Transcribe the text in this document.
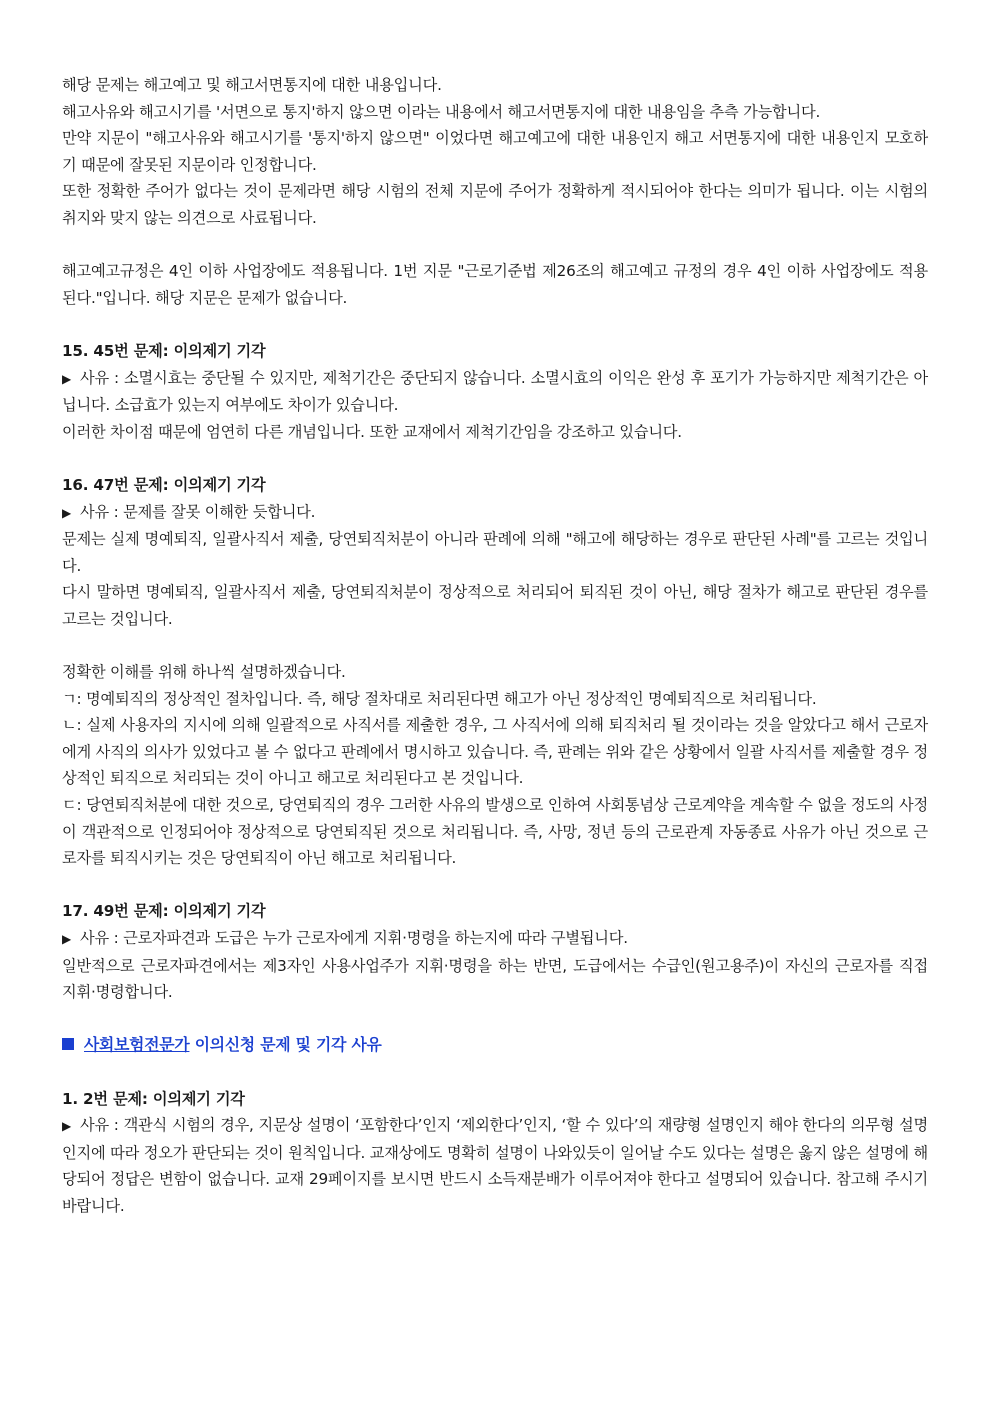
해당 문제는 해고예고 및 해고서면통지에 대한 내용입니다.

해고사유와 해고시기를 '서면으로 통지'하지 않으면 이라는 내용에서 해고서면통지에 대한 내용임을 추측 가능합니다.

만약 지문이 "해고사유와 해고시기를 '통지'하지 않으면" 이었다면 해고예고에 대한 내용인지 해고 서면통지에 대한 내용인지 모호하기 때문에 잘못된 지문이라 인정합니다.

또한 정확한 주어가 없다는 것이 문제라면 해당 시험의 전체 지문에 주어가 정확하게 적시되어야 한다는 의미가 됩니다. 이는 시험의 취지와 맞지 않는 의견으로 사료됩니다.

해고예고규정은 4인 이하 사업장에도 적용됩니다. 1번 지문 "근로기준법 제26조의 해고예고 규정의 경우 4인 이하 사업장에도 적용된다."입니다. 해당 지문은 문제가 없습니다.

15. 45번 문제: 이의제기 기각

▶ 사유 : 소멸시효는 중단될 수 있지만, 제척기간은 중단되지 않습니다. 소멸시효의 이익은 완성 후 포기가 가능하지만 제척기간은 아닙니다. 소급효가 있는지 여부에도 차이가 있습니다.

이러한 차이점 때문에 엄연히 다른 개념입니다. 또한 교재에서 제척기간임을 강조하고 있습니다.

16. 47번 문제: 이의제기 기각

▶ 사유 : 문제를 잘못 이해한 듯합니다.

문제는 실제 명예퇴직, 일괄사직서 제출, 당연퇴직처분이 아니라 판례에 의해 "해고에 해당하는 경우로 판단된 사례"를 고르는 것입니다.

다시 말하면 명예퇴직, 일괄사직서 제출, 당연퇴직처분이 정상적으로 처리되어 퇴직된 것이 아닌, 해당 절차가 해고로 판단된 경우를 고르는 것입니다.

정확한 이해를 위해 하나씩 설명하겠습니다.

ㄱ: 명예퇴직의 정상적인 절차입니다. 즉, 해당 절차대로 처리된다면 해고가 아닌 정상적인 명예퇴직으로 처리됩니다.

ㄴ: 실제 사용자의 지시에 의해 일괄적으로 사직서를 제출한 경우, 그 사직서에 의해 퇴직처리 될 것이라는 것을 알았다고 해서 근로자에게 사직의 의사가 있었다고 볼 수 없다고 판례에서 명시하고 있습니다. 즉, 판례는 위와 같은 상황에서 일괄 사직서를 제출할 경우 정상적인 퇴직으로 처리되는 것이 아니고 해고로 처리된다고 본 것입니다.

ㄷ: 당연퇴직처분에 대한 것으로, 당연퇴직의 경우 그러한 사유의 발생으로 인하여 사회통념상 근로계약을 계속할 수 없을 정도의 사정이 객관적으로 인정되어야 정상적으로 당연퇴직된 것으로 처리됩니다. 즉, 사망, 정년 등의 근로관계 자동종료 사유가 아닌 것으로 근로자를 퇴직시키는 것은 당연퇴직이 아닌 해고로 처리됩니다.

17. 49번 문제: 이의제기 기각

▶ 사유 : 근로자파견과 도급은 누가 근로자에게 지휘·명령을 하는지에 따라 구별됩니다.

일반적으로 근로자파견에서는 제3자인 사용사업주가 지휘·명령을 하는 반면, 도급에서는 수급인(원고용주)이 자신의 근로자를 직접 지휘·명령합니다.

사회보험전문가 이의신청 문제 및 기각 사유

1. 2번 문제: 이의제기 기각

▶ 사유 : 객관식 시험의 경우, 지문상 설명이 ‘포함한다’인지 ‘제외한다’인지, ‘할 수 있다’의 재량형 설명인지 해야 한다의 의무형 설명인지에 따라 정오가 판단되는 것이 원칙입니다. 교재상에도 명확히 설명이 나와있듯이 일어날 수도 있다는 설명은 옳지 않은 설명에 해당되어 정답은 변함이 없습니다. 교재 29페이지를 보시면 반드시 소득재분배가 이루어져야 한다고 설명되어 있습니다. 참고해 주시기 바랍니다.
